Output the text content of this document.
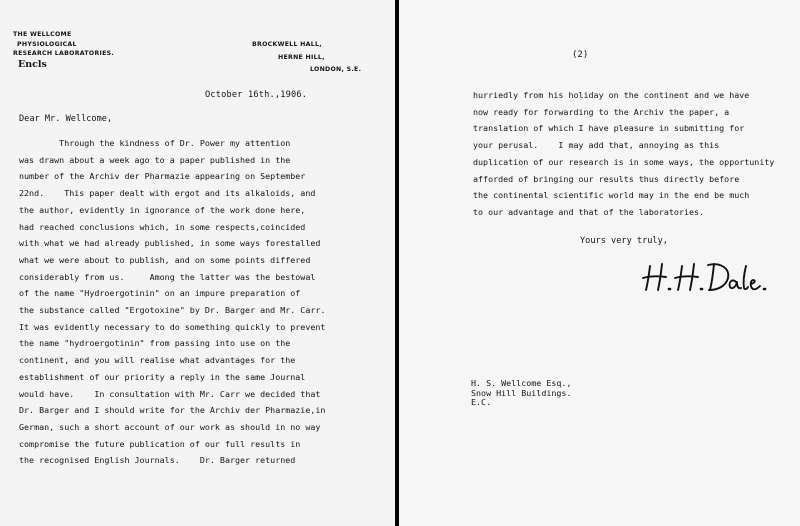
THE WELLCOME
PHYSIOLOGICAL
RESEARCH LABORATORIES.
Encls
BROCKWELL HALL,
HERNE HILL,
LONDON, S.E.
October 16th.,1906.
Dear Mr. Wellcome,
Through the kindness of Dr. Power my attention
was drawn about a week ago to a paper published in the
number of the Archiv der Pharmazie appearing on September
22nd.    This paper dealt with ergot and its alkaloids, and
the author, evidently in ignorance of the work done here,
had reached conclusions which, in some respects,coincided
with what we had already published, in some ways forestalled
what we were about to publish, and on some points differed
considerably from us.     Among the latter was the bestowal
of the name "Hydroergotinin" on an impure preparation of
the substance called "Ergotoxine" by Dr. Barger and Mr. Carr.
It was evidently necessary to do something quickly to prevent
the name "hydroergotinin" from passing into use on the
continent, and you will realise what advantages for the
establishment of our priority a reply in the same Journal
would have.    In consultation with Mr. Carr we decided that
Dr. Barger and I should write for the Archiv der Pharmazie,in
German, such a short account of our work as should in no way
compromise the future publication of our full results in
the recognised English Journals.    Dr. Barger returned
(2)
hurriedly from his holiday on the continent and we have
now ready for forwarding to the Archiv the paper, a
translation of which I have pleasure in submitting for
your perusal.    I may add that, annoying as this
duplication of our research is in some ways, the opportunity
afforded of bringing our results thus directly before
the continental scientific world may in the end be much
to our advantage and that of the laboratories.
Yours very truly,
H. S. Wellcome Esq.,
Snow Hill Buildings.
E.C.
